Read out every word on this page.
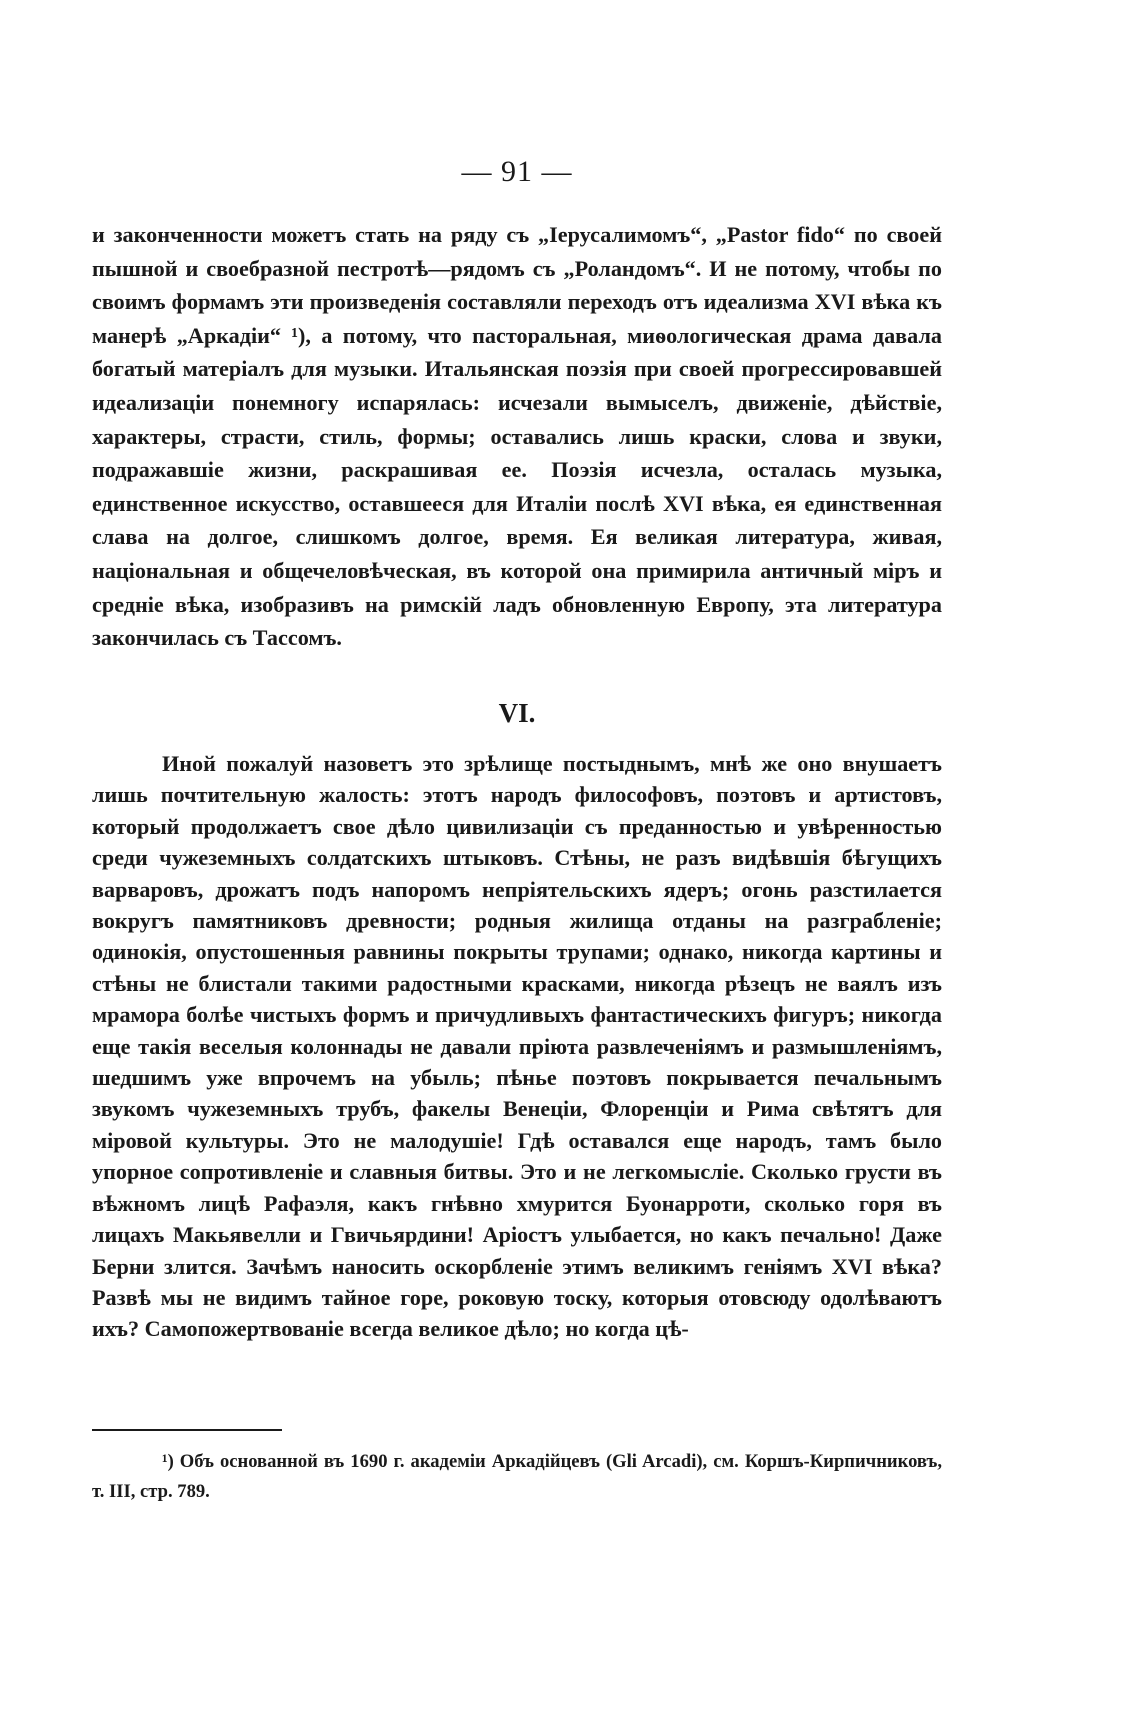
— 91 —

и законченности можетъ стать на ряду съ „Іерусалимомъ“, „Pastor fido“ по своей пышной и своебразной пестротѣ—рядомъ съ „Роландомъ“. И не потому, чтобы по своимъ формамъ эти произведенія составляли переходъ отъ идеализма XVI вѣка къ манерѣ „Аркадіи“ ¹), а потому, что пасторальная, миѳологическая драма давала богатый матеріалъ для музыки. Итальянская поэзія при своей прогрессировавшей идеализаціи понемногу испарялась: исчезали вымыселъ, движеніе, дѣйствіе, характеры, страсти, стиль, формы; оставались лишь краски, слова и звуки, подражавшіе жизни, раскрашивая ее. Поэзія исчезла, осталась музыка, единственное искусство, оставшееся для Италіи послѣ XVI вѣка, ея единственная слава на долгое, слишкомъ долгое, время. Ея великая литература, живая, національная и общечеловѣческая, въ которой она примирила античный міръ и средніе вѣка, изобразивъ на римскій ладъ обновленную Европу, эта литература закончилась съ Тассомъ.

VI.

Иной пожалуй назоветъ это зрѣлище постыднымъ, мнѣ же оно внушаетъ лишь почтительную жалость: этотъ народъ философовъ, поэтовъ и артистовъ, который продолжаетъ свое дѣло цивилизаціи съ преданностью и увѣренностью среди чужеземныхъ солдатскихъ штыковъ. Стѣны, не разъ видѣвшія бѣгущихъ варваровъ, дрожатъ подъ напоромъ непріятельскихъ ядеръ; огонь разстилается вокругъ памятниковъ древности; родныя жилища отданы на разграбленіе; одинокія, опустошенныя равнины покрыты трупами; однако, никогда картины и стѣны не блистали такими радостными красками, никогда рѣзецъ не ваялъ изъ мрамора болѣе чистыхъ формъ и причудливыхъ фантастическихъ фигуръ; никогда еще такія веселыя колоннады не давали пріюта развлеченіямъ и размышленіямъ, шедшимъ уже впрочемъ на убыль; пѣнье поэтовъ покрывается печальнымъ звукомъ чужеземныхъ трубъ, факелы Венеціи, Флоренціи и Рима свѣтятъ для міровой культуры. Это не малодушіе! Гдѣ оставался еще народъ, тамъ было упорное сопротивленіе и славныя битвы. Это и не легкомысліе. Сколько грусти въ вѣжномъ лицѣ Рафаэля, какъ гнѣвно хмурится Буонарроти, сколько горя въ лицахъ Макьявелли и Гвичьярдини! Аріостъ улыбается, но какъ печально! Даже Берни злится. Зачѣмъ наносить оскорбленіе этимъ великимъ геніямъ XVI вѣка? Развѣ мы не видимъ тайное горе, роковую тоску, которыя отовсюду одолѣваютъ ихъ? Самопожертвованіе всегда великое дѣло; но когда цѣ-

¹) Объ основанной въ 1690 г. академіи Аркадійцевъ (Gli Arcadi), см. Коршъ-Кирпичниковъ, т. III, стр. 789.
